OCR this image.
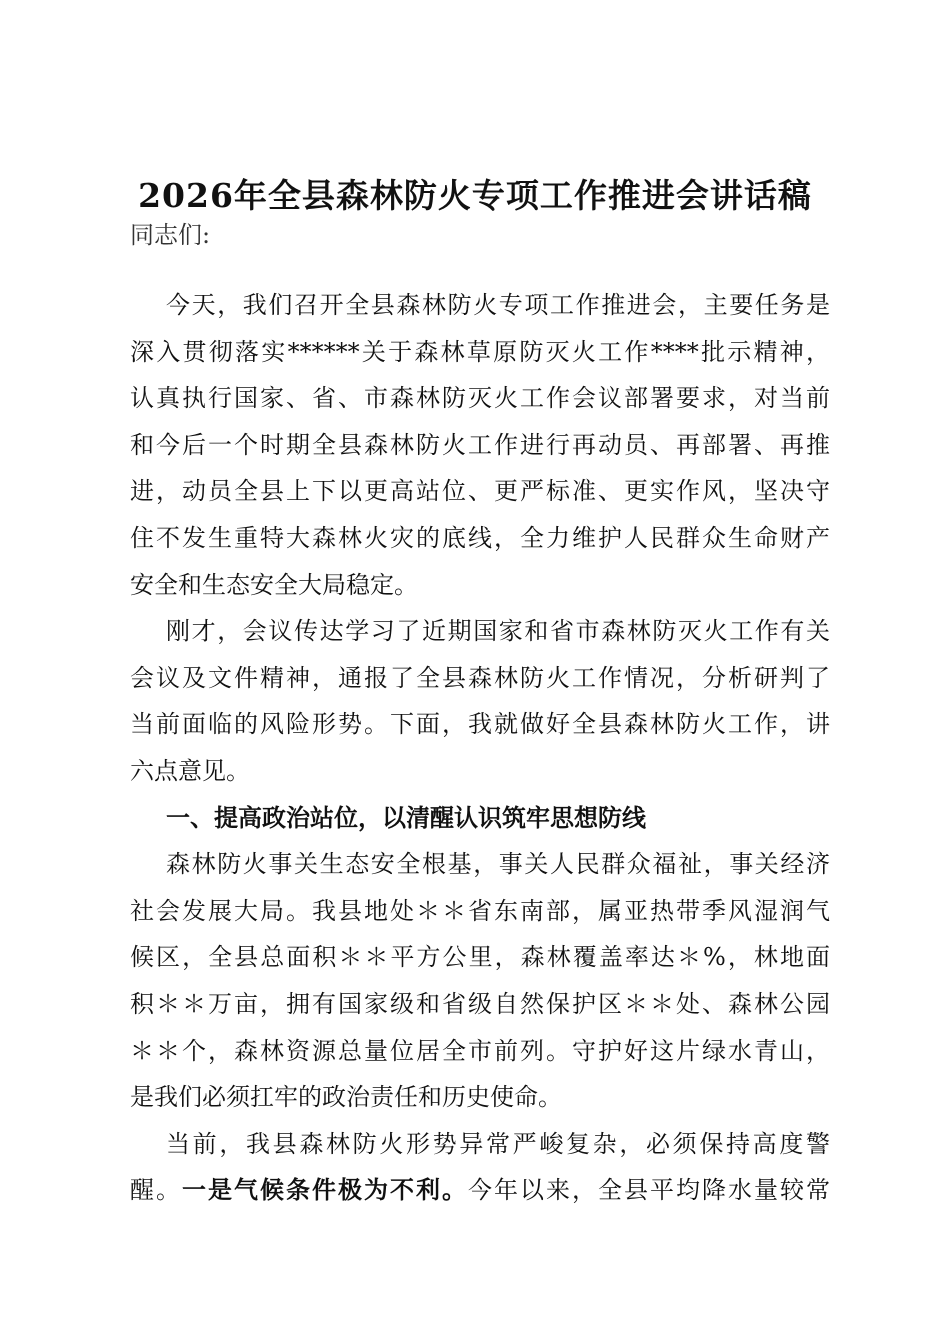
2026年全县森林防火专项工作推进会讲话稿
同志们:
今天，我们召开全县森林防火专项工作推进会，主要任务是
深入贯彻落实******关于森林草原防灭火工作****批示精神，
认真执行国家、省、市森林防灭火工作会议部署要求，对当前
和今后一个时期全县森林防火工作进行再动员、再部署、再推
进，动员全县上下以更高站位、更严标准、更实作风，坚决守
住不发生重特大森林火灾的底线，全力维护人民群众生命财产
安全和生态安全大局稳定。
刚才，会议传达学习了近期国家和省市森林防灭火工作有关
会议及文件精神，通报了全县森林防火工作情况，分析研判了
当前面临的风险形势。下面，我就做好全县森林防火工作，讲
六点意见。
一、提高政治站位，以清醒认识筑牢思想防线
森林防火事关生态安全根基，事关人民群众福祉，事关经济
社会发展大局。我县地处＊＊省东南部，属亚热带季风湿润气
候区，全县总面积＊＊平方公里，森林覆盖率达＊%，林地面
积＊＊万亩，拥有国家级和省级自然保护区＊＊处、森林公园
＊＊个，森林资源总量位居全市前列。守护好这片绿水青山，
是我们必须扛牢的政治责任和历史使命。
当前，我县森林防火形势异常严峻复杂，必须保持高度警
醒。一是气候条件极为不利。今年以来，全县平均降水量较常
